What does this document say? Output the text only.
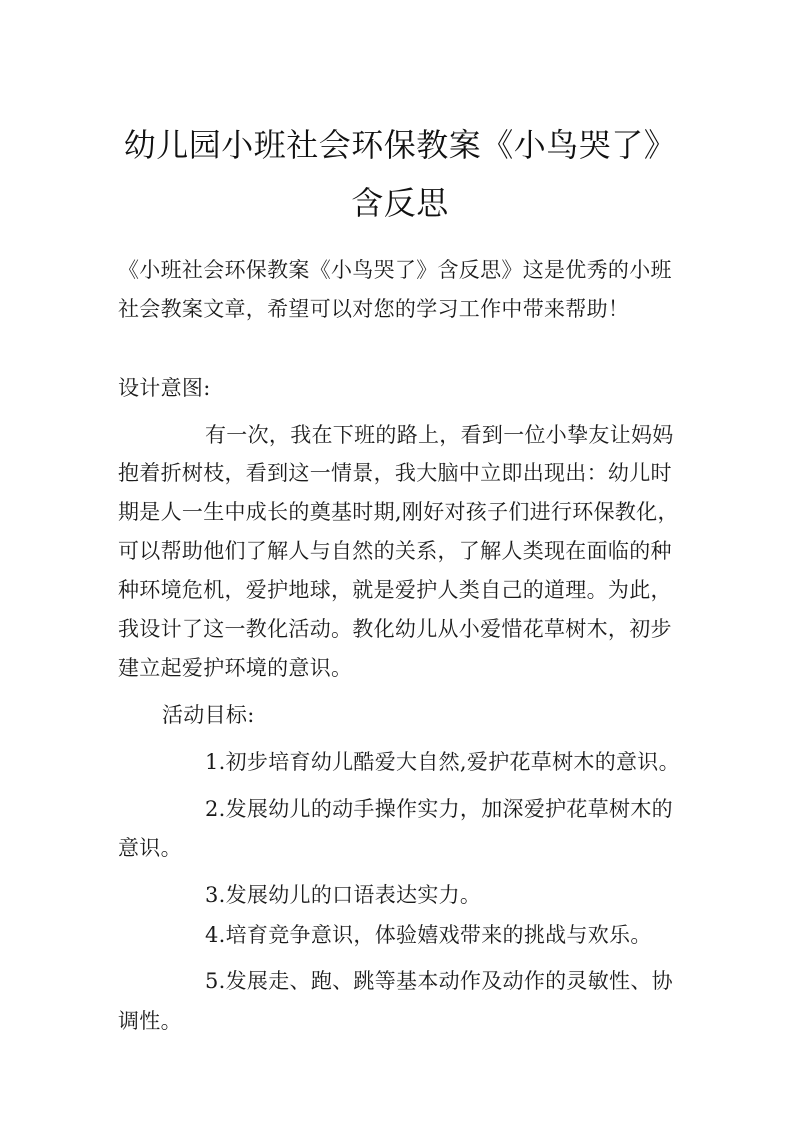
幼儿园小班社会环保教案《小鸟哭了》含反思
《小班社会环保教案《小鸟哭了》含反思》这是优秀的小班
社会教案文章，希望可以对您的学习工作中带来帮助！
设计意图:
有一次，我在下班的路上，看到一位小挚友让妈妈
抱着折树枝，看到这一情景，我大脑中立即出现出：幼儿时
期是人一生中成长的奠基时期,刚好对孩子们进行环保教化，
可以帮助他们了解人与自然的关系，了解人类现在面临的种
种环境危机，爱护地球，就是爱护人类自己的道理。为此，
我设计了这一教化活动。教化幼儿从小爱惜花草树木，初步
建立起爱护环境的意识。
活动目标:
1.初步培育幼儿酷爱大自然,爱护花草树木的意识。
2.发展幼儿的动手操作实力，加深爱护花草树木的
意识。
3.发展幼儿的口语表达实力。
4.培育竞争意识，体验嬉戏带来的挑战与欢乐。
5.发展走、跑、跳等基本动作及动作的灵敏性、协
调性。
